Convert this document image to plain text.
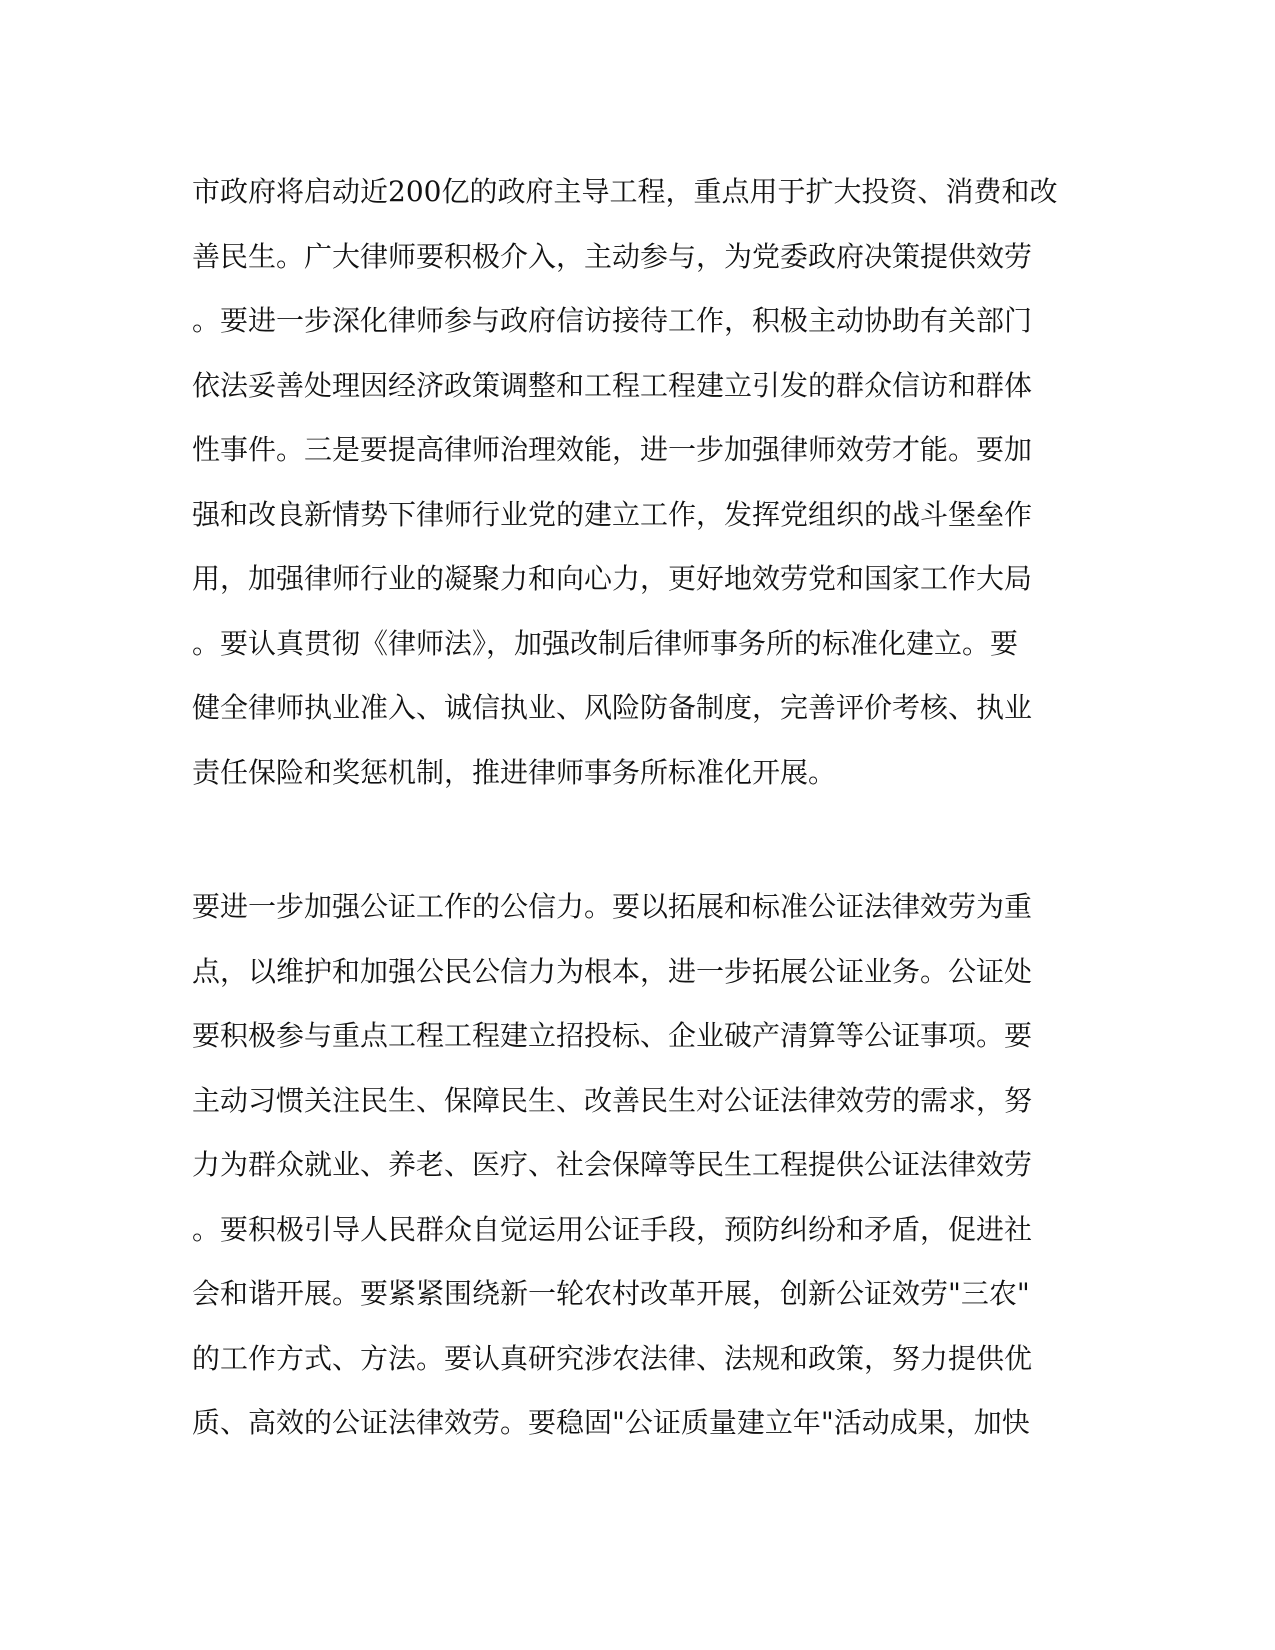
市政府将启动近200亿的政府主导工程，重点用于扩大投资、消费和改
善民生。广大律师要积极介入，主动参与，为党委政府决策提供效劳
。要进一步深化律师参与政府信访接待工作，积极主动协助有关部门
依法妥善处理因经济政策调整和工程工程建立引发的群众信访和群体
性事件。三是要提高律师治理效能，进一步加强律师效劳才能。要加
强和改良新情势下律师行业党的建立工作，发挥党组织的战斗堡垒作
用，加强律师行业的凝聚力和向心力，更好地效劳党和国家工作大局
。要认真贯彻《律师法》，加强改制后律师事务所的标准化建立。要
健全律师执业准入、诚信执业、风险防备制度，完善评价考核、执业
责任保险和奖惩机制，推进律师事务所标准化开展。
要进一步加强公证工作的公信力。要以拓展和标准公证法律效劳为重
点，以维护和加强公民公信力为根本，进一步拓展公证业务。公证处
要积极参与重点工程工程建立招投标、企业破产清算等公证事项。要
主动习惯关注民生、保障民生、改善民生对公证法律效劳的需求，努
力为群众就业、养老、医疗、社会保障等民生工程提供公证法律效劳
。要积极引导人民群众自觉运用公证手段，预防纠纷和矛盾，促进社
会和谐开展。要紧紧围绕新一轮农村改革开展，创新公证效劳"三农"
的工作方式、方法。要认真研究涉农法律、法规和政策，努力提供优
质、高效的公证法律效劳。要稳固"公证质量建立年"活动成果，加快
